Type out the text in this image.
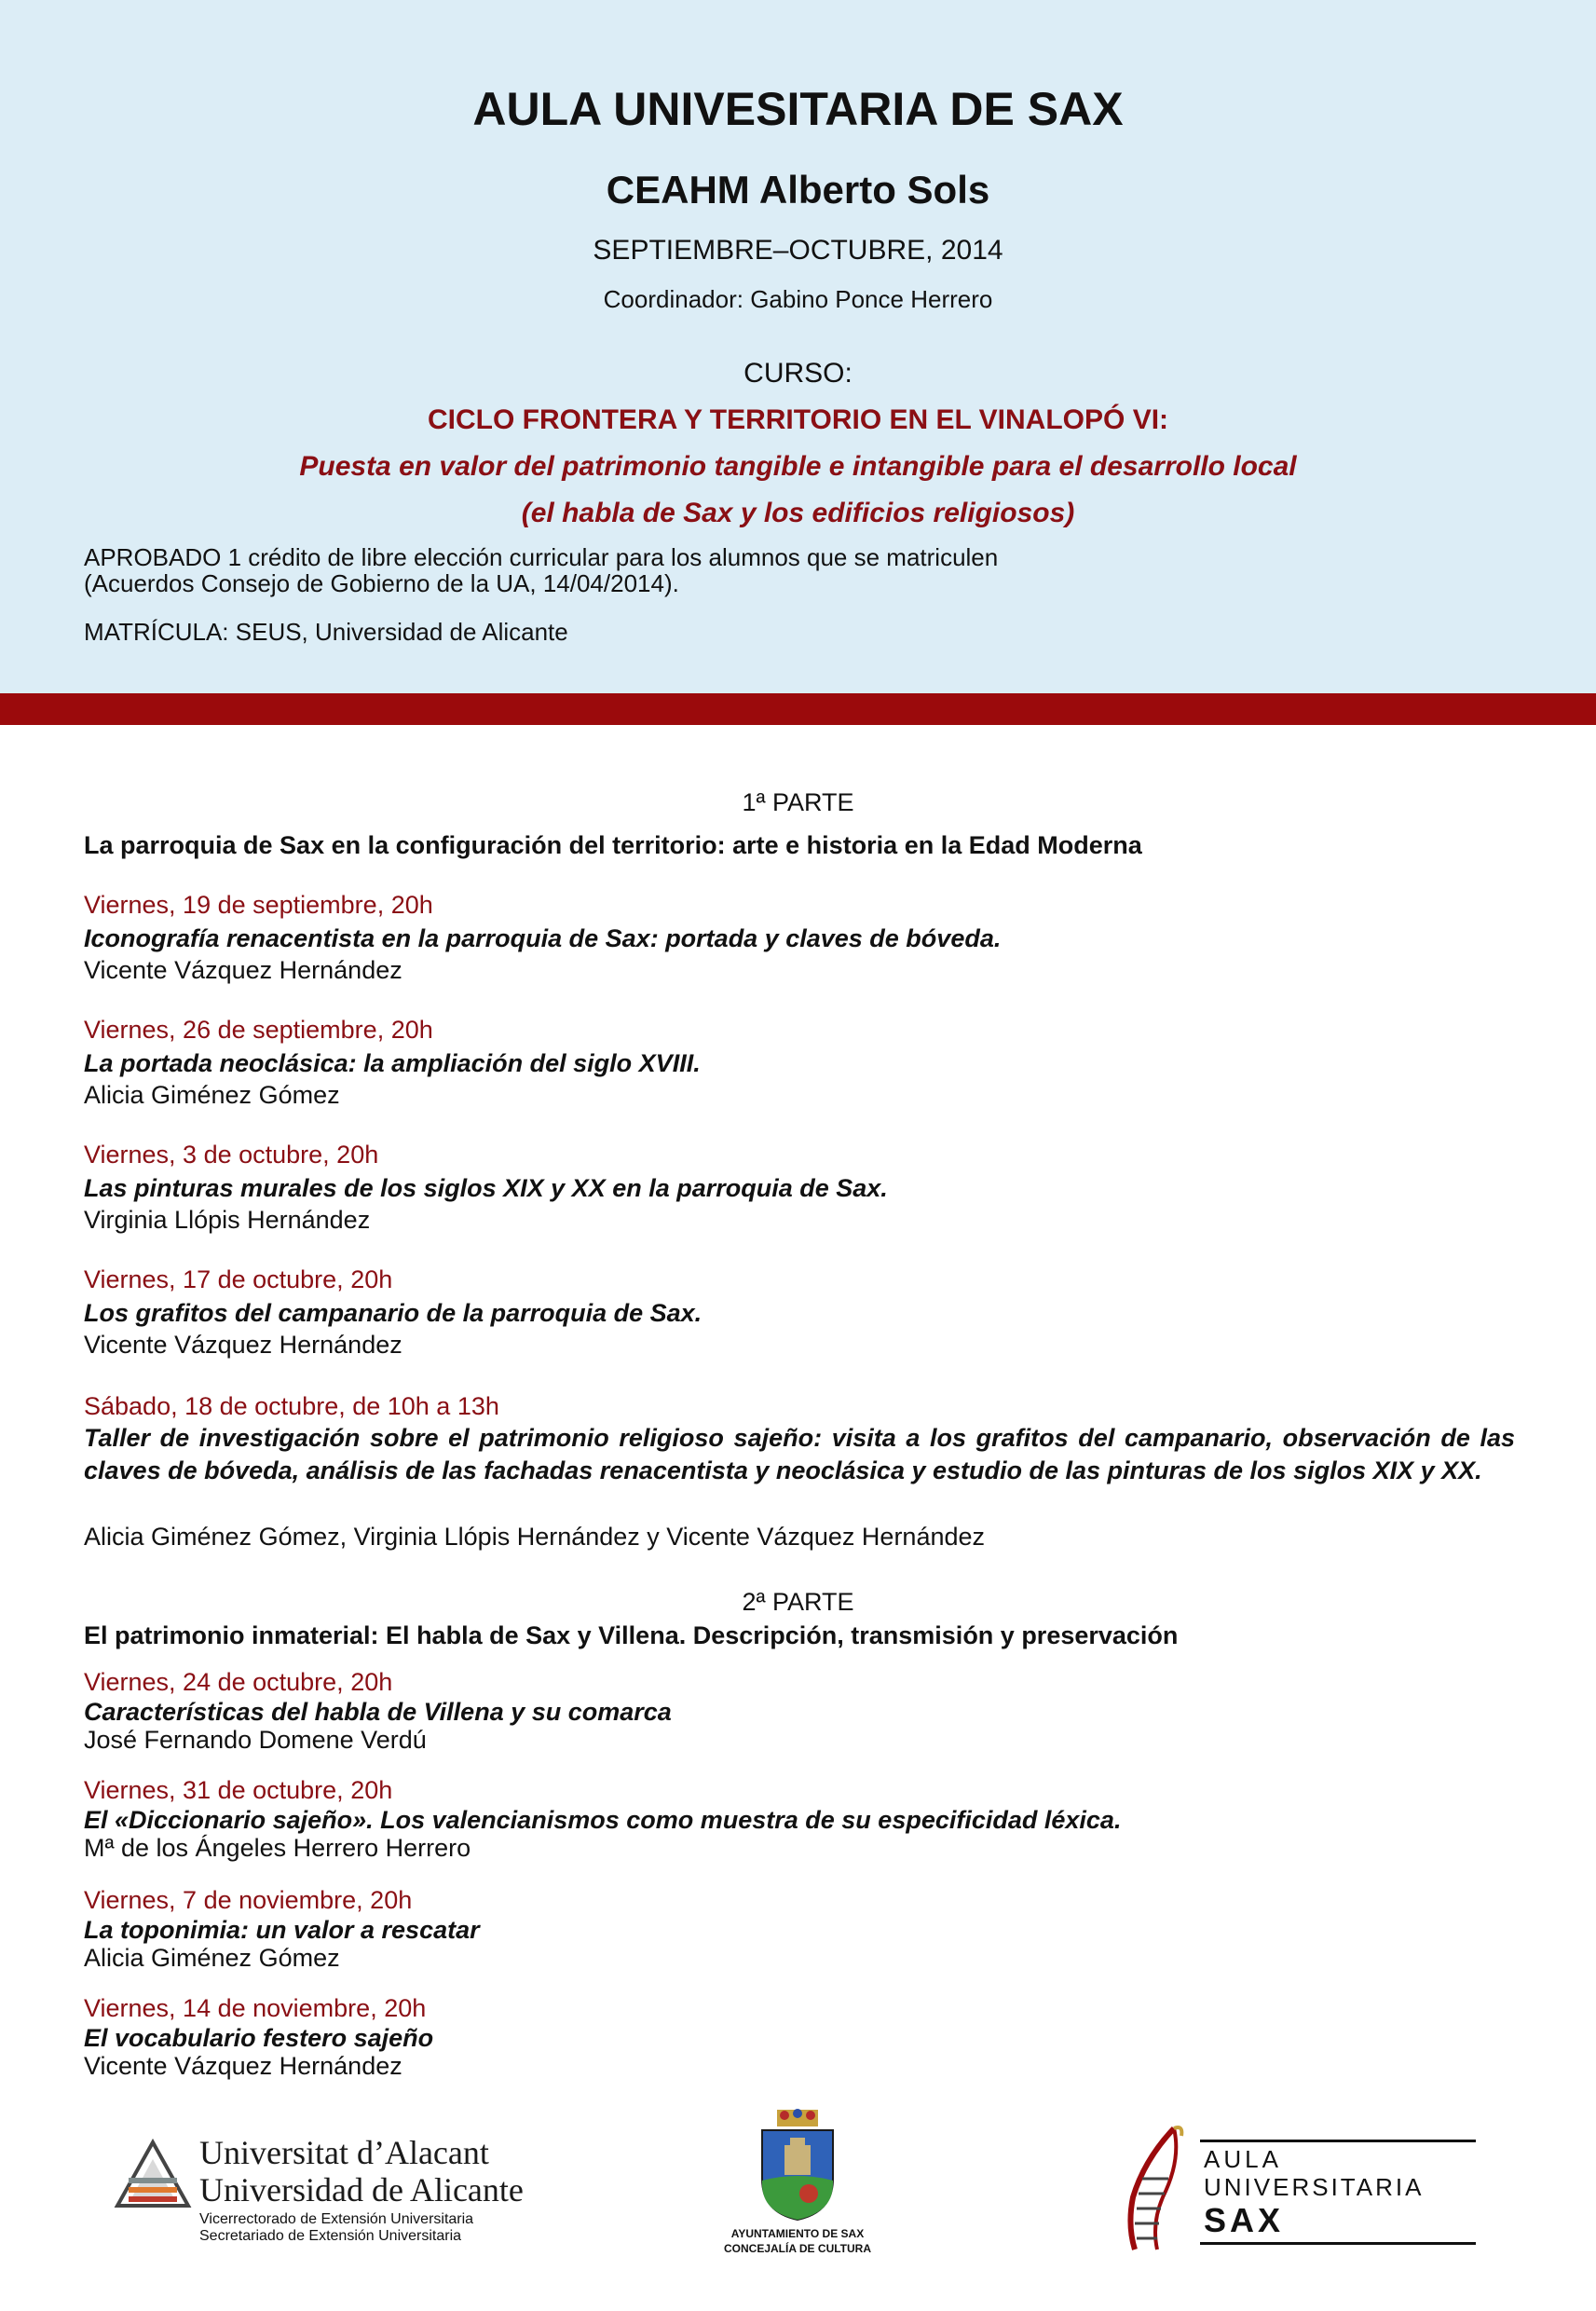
AULA UNIVESITARIA DE SAX
CEAHM Alberto Sols
SEPTIEMBRE–OCTUBRE, 2014
Coordinador: Gabino Ponce Herrero
CURSO:
CICLO FRONTERA Y TERRITORIO EN EL VINALOPÓ VI:
Puesta en valor del patrimonio tangible e intangible para el desarrollo local
(el habla de Sax y los edificios religiosos)
APROBADO 1 crédito de libre elección curricular para los alumnos que se matriculen
(Acuerdos Consejo de Gobierno de la UA, 14/04/2014).
MATRÍCULA: SEUS, Universidad de Alicante
1ª PARTE
La parroquia de Sax en la configuración del territorio: arte e historia en la Edad Moderna
Viernes, 19 de septiembre, 20h
Iconografía renacentista en la parroquia de Sax: portada y claves de bóveda.
Vicente Vázquez Hernández
Viernes, 26 de septiembre, 20h
La portada neoclásica: la ampliación del siglo XVIII.
Alicia Giménez Gómez
Viernes, 3 de octubre, 20h
Las pinturas murales de los siglos XIX y XX en la parroquia de Sax.
Virginia Llópis Hernández
Viernes, 17 de octubre, 20h
Los grafitos del campanario de la parroquia de Sax.
Vicente Vázquez Hernández
Sábado, 18 de octubre, de 10h a 13h
Taller de investigación sobre el patrimonio religioso sajeño: visita a los grafitos del campanario, observación de las claves de bóveda, análisis de las fachadas renacentista y neoclásica y estudio de las pinturas de los siglos XIX y XX.
Alicia Giménez Gómez, Virginia Llópis Hernández y Vicente Vázquez Hernández
2ª PARTE
El patrimonio inmaterial: El habla de Sax y Villena. Descripción, transmisión y preservación
Viernes, 24 de octubre, 20h
Características del habla de Villena y su comarca
José Fernando Domene Verdú
Viernes, 31 de octubre, 20h
El «Diccionario sajeño». Los valencianismos como muestra de su especificidad léxica.
Mª de los Ángeles Herrero Herrero
Viernes, 7 de noviembre, 20h
La toponimia: un valor a rescatar
Alicia Giménez Gómez
Viernes, 14 de noviembre, 20h
El vocabulario festero sajeño
Vicente Vázquez Hernández
Universitat d’Alacant
Universidad de Alicante
Vicerrectorado de Extensión Universitaria
Secretariado de Extensión Universitaria	AYUNTAMIENTO DE SAX
CONCEJALÍA DE CULTURA
AULA
UNIVERSITARIA
SAX
